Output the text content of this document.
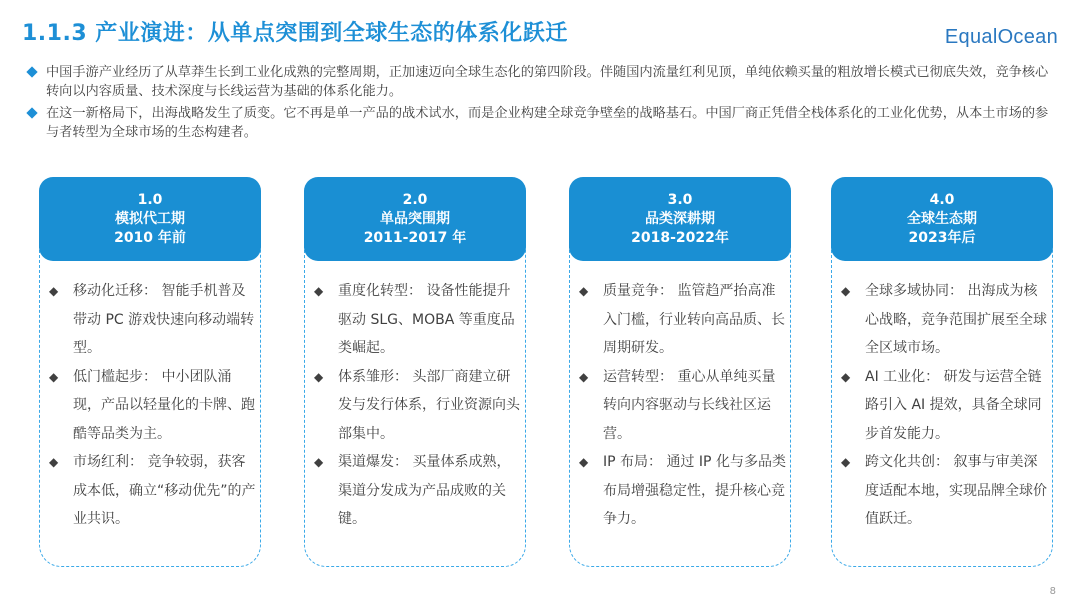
1.1.3 产业演进：从单点突围到全球生态的体系化跃迁	EqualOcean
中国手游产业经历了从草莽生长到工业化成熟的完整周期，正加速迈向全球生态化的第四阶段。伴随国内流量红利见顶，单纯依赖买量的粗放增长模式已彻底失效，竞争核心转向以内容质量、技术深度与长线运营为基础的体系化能力。
在这一新格局下，出海战略发生了质变。它不再是单一产品的战术试水，而是企业构建全球竞争壁垒的战略基石。中国厂商正凭借全栈体系化的工业化优势，从本土市场的参与者转型为全球市场的生态构建者。
1.0
模拟代工期
2010 年前
◆ 移动化迁移： 智能手机普及带动 PC 游戏快速向移动端转型。
◆ 低门槛起步： 中小团队涌现，产品以轻量化的卡牌、跑酷等品类为主。
◆ 市场红利： 竞争较弱，获客成本低，确立“移动优先”的产业共识。
2.0
单品突围期
2011-2017 年
◆ 重度化转型： 设备性能提升驱动 SLG、MOBA 等重度品类崛起。
◆ 体系雏形： 头部厂商建立研发与发行体系，行业资源向头部集中。
◆ 渠道爆发： 买量体系成熟，渠道分发成为产品成败的关键。
3.0
品类深耕期
2018-2022年
◆ 质量竞争： 监管趋严抬高准入门槛，行业转向高品质、长周期研发。
◆ 运营转型： 重心从单纯买量转向内容驱动与长线社区运营。
◆ IP 布局： 通过 IP 化与多品类布局增强稳定性，提升核心竞争力。
4.0
全球生态期
2023年后
◆ 全球多域协同： 出海成为核心战略，竞争范围扩展至全球全区域市场。
◆ AI 工业化： 研发与运营全链路引入 AI 提效，具备全球同步首发能力。
◆ 跨文化共创： 叙事与审美深度适配本地，实现品牌全球价值跃迁。
8
